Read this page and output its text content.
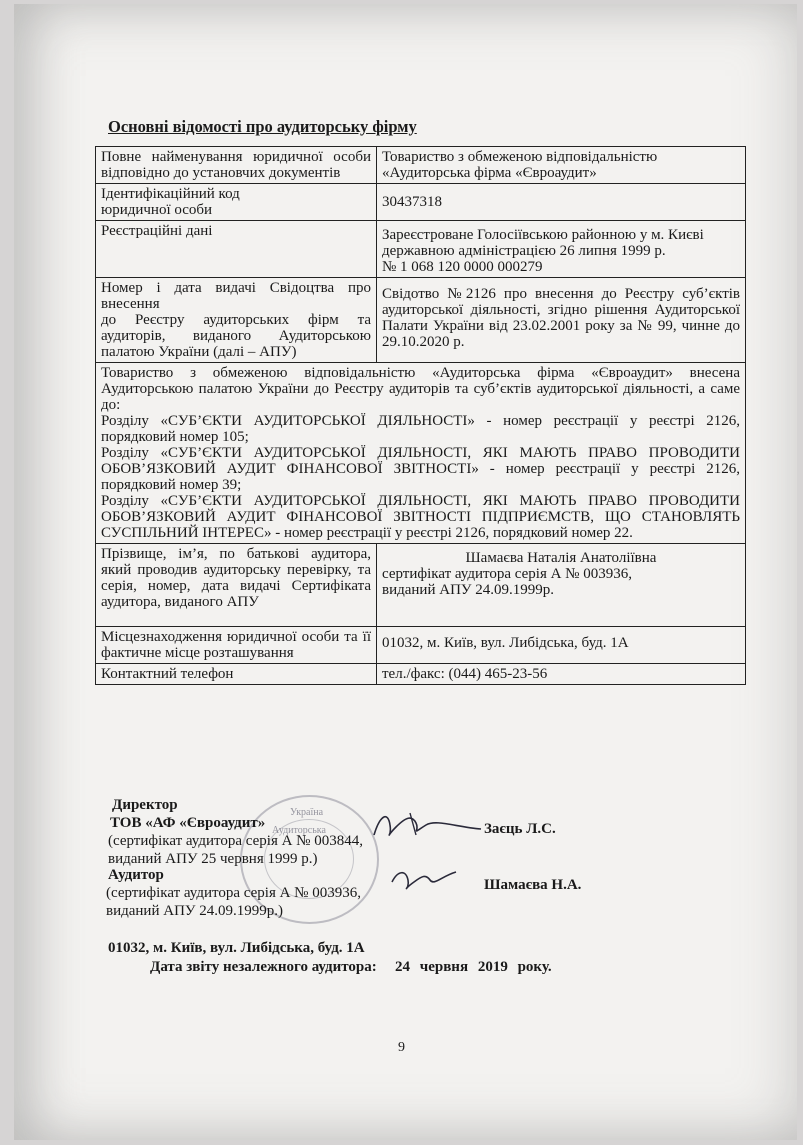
Основні відомості про аудиторську фірму
Повне найменування юридичної особи відповідно до установчих документів	Товариство з обмеженою відповідальністю
«Аудиторська фірма «Євроаудит»

Ідентифікаційний код
юридичної особи	30437318
Реєстраційні дані	Зареєстроване Голосіївською районною у м. Києві
державною адміністрацією 26 липня 1999 р.
№ 1 068 120 0000 000279

Номер і дата видачі Свідоцтва про внесення
до Реєстру аудиторських фірм та аудиторів, виданого Аудиторською палатою України (далі – АПУ)	Свідотво №2126 про внесення до Реєстру суб’єктів аудиторської діяльності, згідно рішення Аудиторської Палати України від 23.02.2001 року за № 99, чинне до 29.10.2020 р.

Товариство з обмеженою відповідальністю «Аудиторська фірма «Євроаудит» внесена Аудиторською палатою України до Реєстру аудиторів та суб’єктів аудиторської діяльності, а саме до:
Розділу «СУБ’ЄКТИ АУДИТОРСЬКОЇ ДІЯЛЬНОСТІ» - номер реєстрації у реєстрі 2126, порядковий номер 105;
Розділу «СУБ’ЄКТИ АУДИТОРСЬКОЇ ДІЯЛЬНОСТІ, ЯКІ МАЮТЬ ПРАВО ПРОВОДИТИ ОБОВ’ЯЗКОВИЙ АУДИТ ФІНАНСОВОЇ ЗВІТНОСТІ» - номер реєстрації у реєстрі 2126, порядковий номер 39;
Розділу «СУБ’ЄКТИ АУДИТОРСЬКОЇ ДІЯЛЬНОСТІ, ЯКІ МАЮТЬ ПРАВО ПРОВОДИТИ ОБОВ’ЯЗКОВИЙ АУДИТ ФІНАНСОВОЇ ЗВІТНОСТІ ПІДПРИЄМСТВ, ЩО СТАНОВЛЯТЬ СУСПІЛЬНИЙ ІНТЕРЕС» - номер реєстрації у реєстрі 2126, порядковий номер 22.	

Прізвище, ім’я, по батькові аудитора, який проводив аудиторську перевірку, та серія, номер, дата видачі Сертифіката аудитора, виданого АПУ	Шамаєва Наталія Анатоліївна
сертифікат аудитора серія А № 003936,
виданий АПУ 24.09.1999р.

Місцезнаходження юридичної особи та її фактичне місце розташування	01032, м. Київ, вул. Либідська, буд. 1А
Контактний телефон	тел./факс: (044) 465-23-56
Україна
Аудиторська
Директор
ТОВ «АФ «Євроаудит»
(сертифікат аудитора серія А № 003844,
виданий АПУ 25 червня 1999 р.)
Заєць Л.С.
Аудитор
(сертифікат аудитора серія А № 003936,
виданий АПУ 24.09.1999р.)
Шамаєва Н.А.
01032, м. Київ, вул. Либідська, буд. 1А
Дата звіту незалежного аудитора: 24 червня 2019 року.
9
